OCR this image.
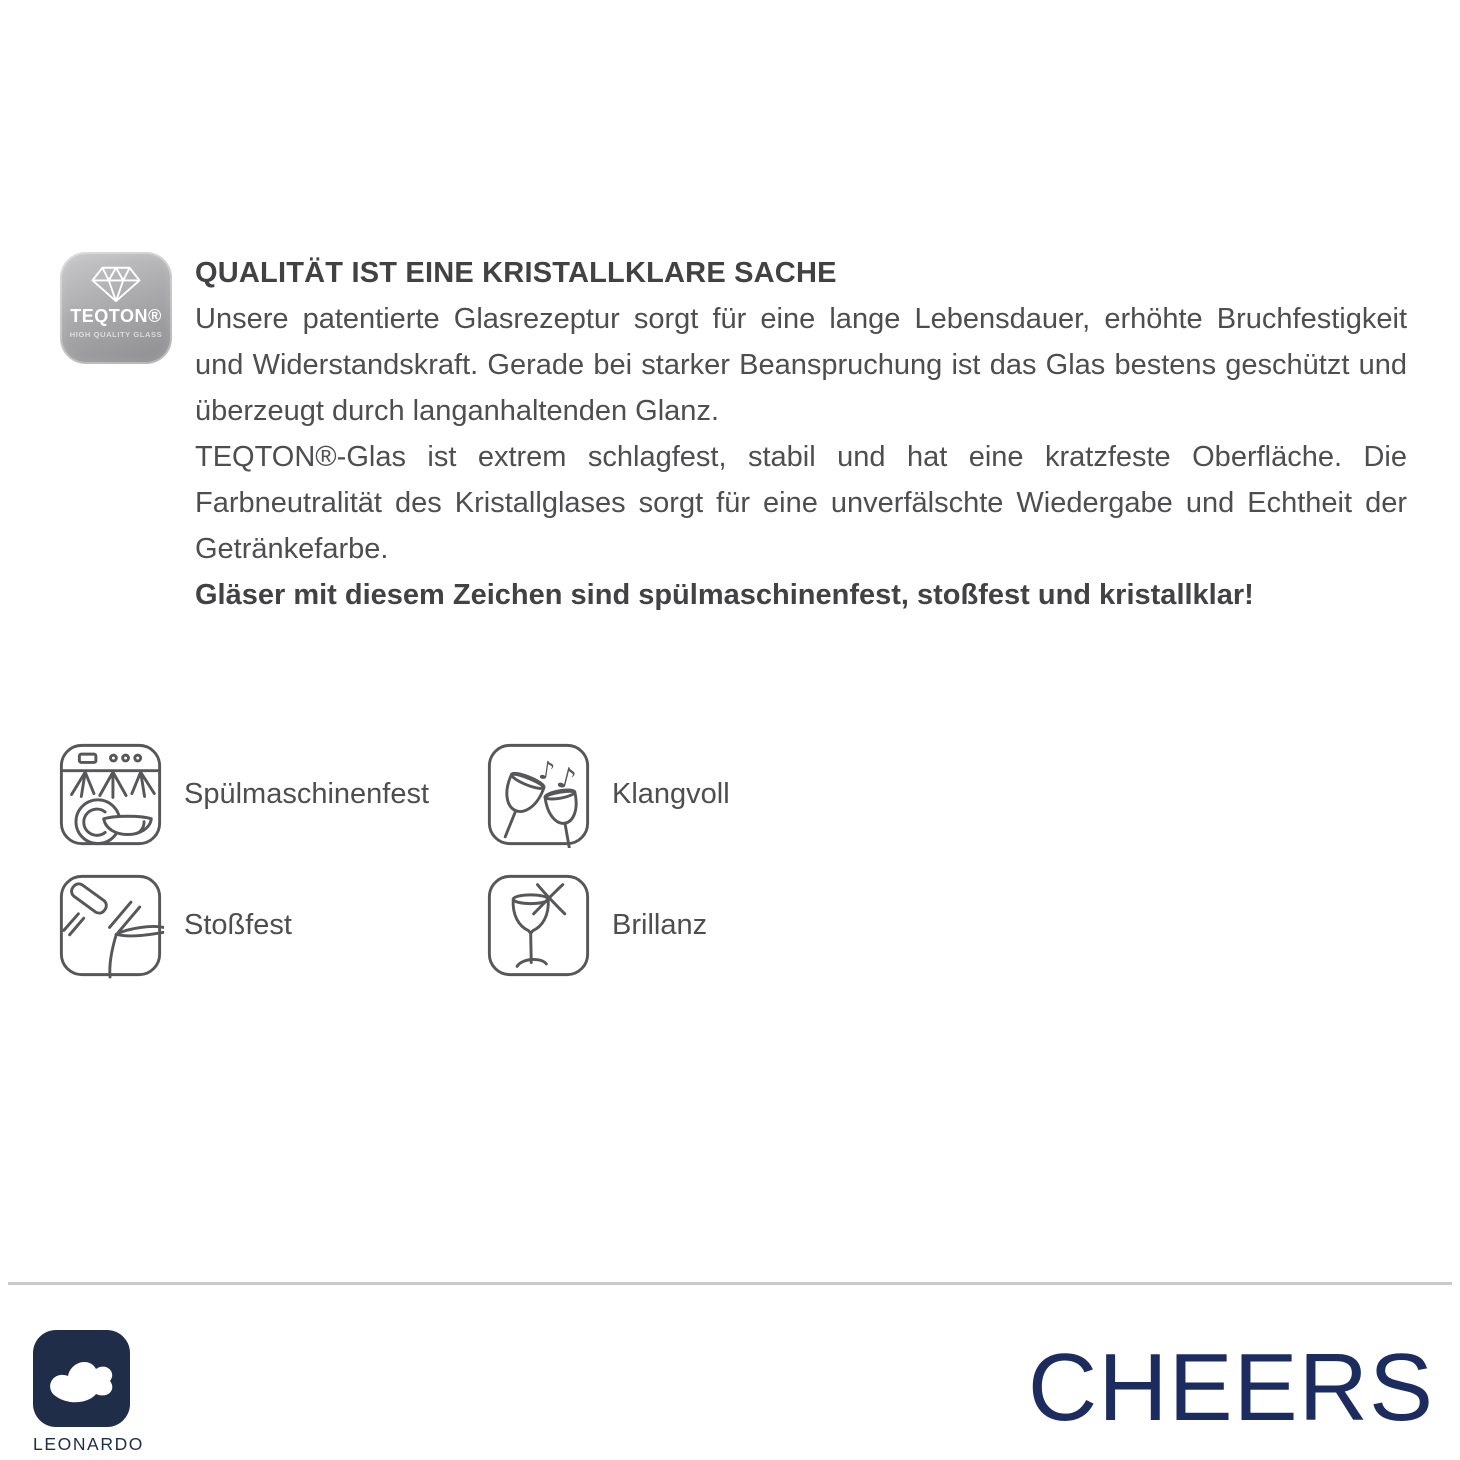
TEQTON®
HIGH QUALITY GLASS
QUALITÄT IST EINE KRISTALLKLARE SACHE

Unsere patentierte Glasrezeptur sorgt für eine lange Lebensdauer, erhöhte Bruchfestigkeit und Widerstandskraft. Gerade bei starker Beanspruchung ist das Glas bestens geschützt und überzeugt durch langanhaltenden Glanz.

TEQTON®-Glas ist extrem schlagfest, stabil und hat eine kratzfeste Oberfläche. Die Farbneutralität des Kristallglases sorgt für eine unverfälschte Wiedergabe und Echtheit der Getränkefarbe.

Gläser mit diesem Zeichen sind spülmaschinenfest, stoßfest und kristallklar!

Spülmaschinenfest
♪
♪ Klangvoll
Stoßfest	Brillanz
LEONARDO
CHEERS
